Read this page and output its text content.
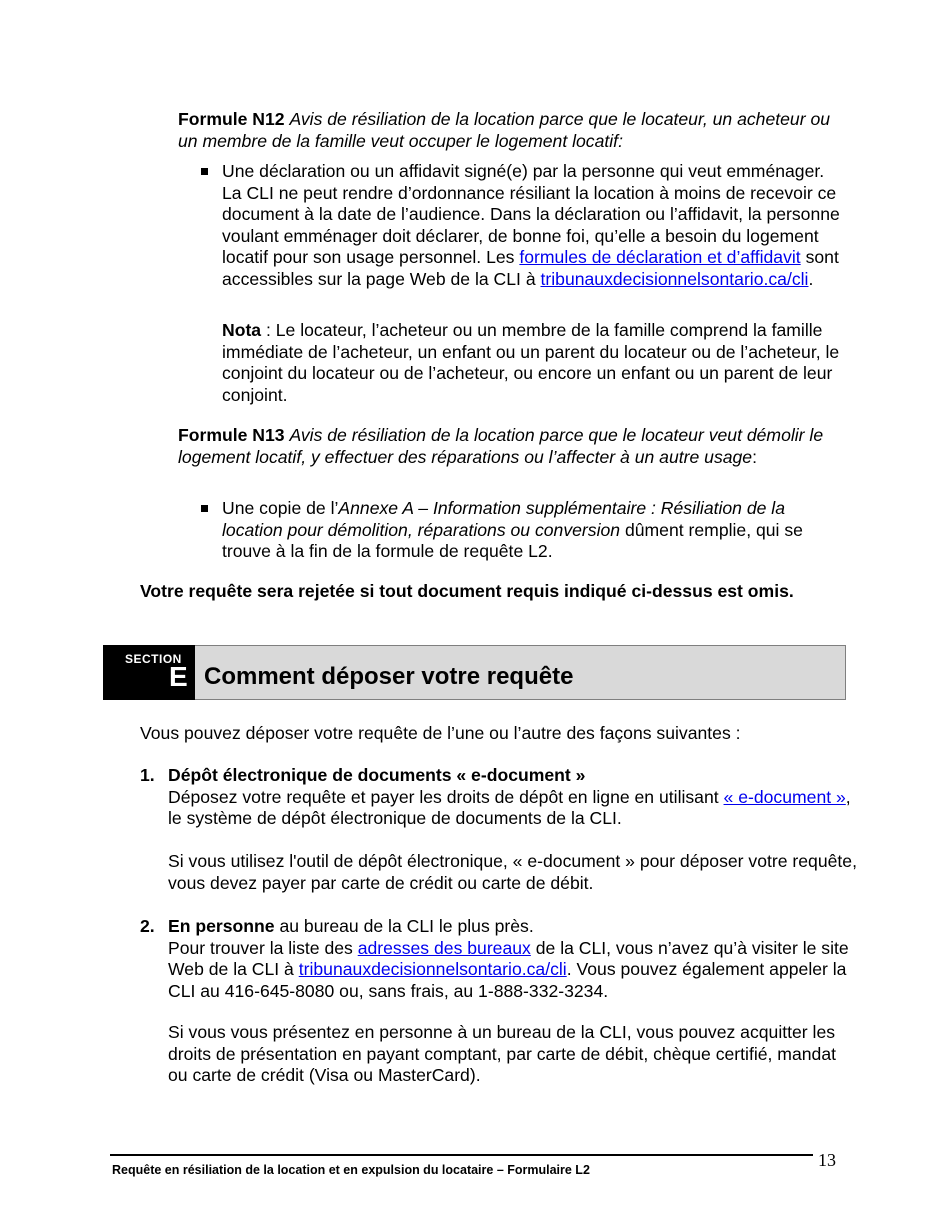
Formule N12 Avis de résiliation de la location parce que le locateur, un acheteur ou un membre de la famille veut occuper le logement locatif:

Une déclaration ou un affidavit signé(e) par la personne qui veut emménager. La CLI ne peut rendre d’ordonnance résiliant la location à moins de recevoir ce document à la date de l’audience. Dans la déclaration ou l’affidavit, la personne voulant emménager doit déclarer, de bonne foi, qu’elle a besoin du logement locatif pour son usage personnel. Les formules de déclaration et d’affidavit sont accessibles sur la page Web de la CLI à tribunauxdecisionnelsontario.ca/cli.

Nota : Le locateur, l’acheteur ou un membre de la famille comprend la famille immédiate de l’acheteur, un enfant ou un parent du locateur ou de l’acheteur, le conjoint du locateur ou de l’acheteur, ou encore un enfant ou un parent de leur conjoint.

Formule N13 Avis de résiliation de la location parce que le locateur veut démolir le logement locatif, y effectuer des réparations ou l’affecter à un autre usage:

Une copie de l’Annexe A – Information supplémentaire : Résiliation de la location pour démolition, réparations ou conversion dûment remplie, qui se trouve à la fin de la formule de requête L2.

Votre requête sera rejetée si tout document requis indiqué ci-dessus est omis.

SECTION
E Comment déposer votre requête

Vous pouvez déposer votre requête de l’une ou l’autre des façons suivantes :

1. Dépôt électronique de documents « e-document »
Déposez votre requête et payer les droits de dépôt en ligne en utilisant « e-document », le système de dépôt électronique de documents de la CLI.

Si vous utilisez l'outil de dépôt électronique, « e-document » pour déposer votre requête, vous devez payer par carte de crédit ou carte de débit.

2. En personne au bureau de la CLI le plus près.
Pour trouver la liste des adresses des bureaux de la CLI, vous n’avez qu’à visiter le site Web de la CLI à tribunauxdecisionnelsontario.ca/cli. Vous pouvez également appeler la CLI au 416-645-8080 ou, sans frais, au 1-888-332-3234.

Si vous vous présentez en personne à un bureau de la CLI, vous pouvez acquitter les droits de présentation en payant comptant, par carte de débit, chèque certifié, mandat ou carte de crédit (Visa ou MasterCard).

Requête en résiliation de la location et en expulsion du locataire – Formulaire L2	13
